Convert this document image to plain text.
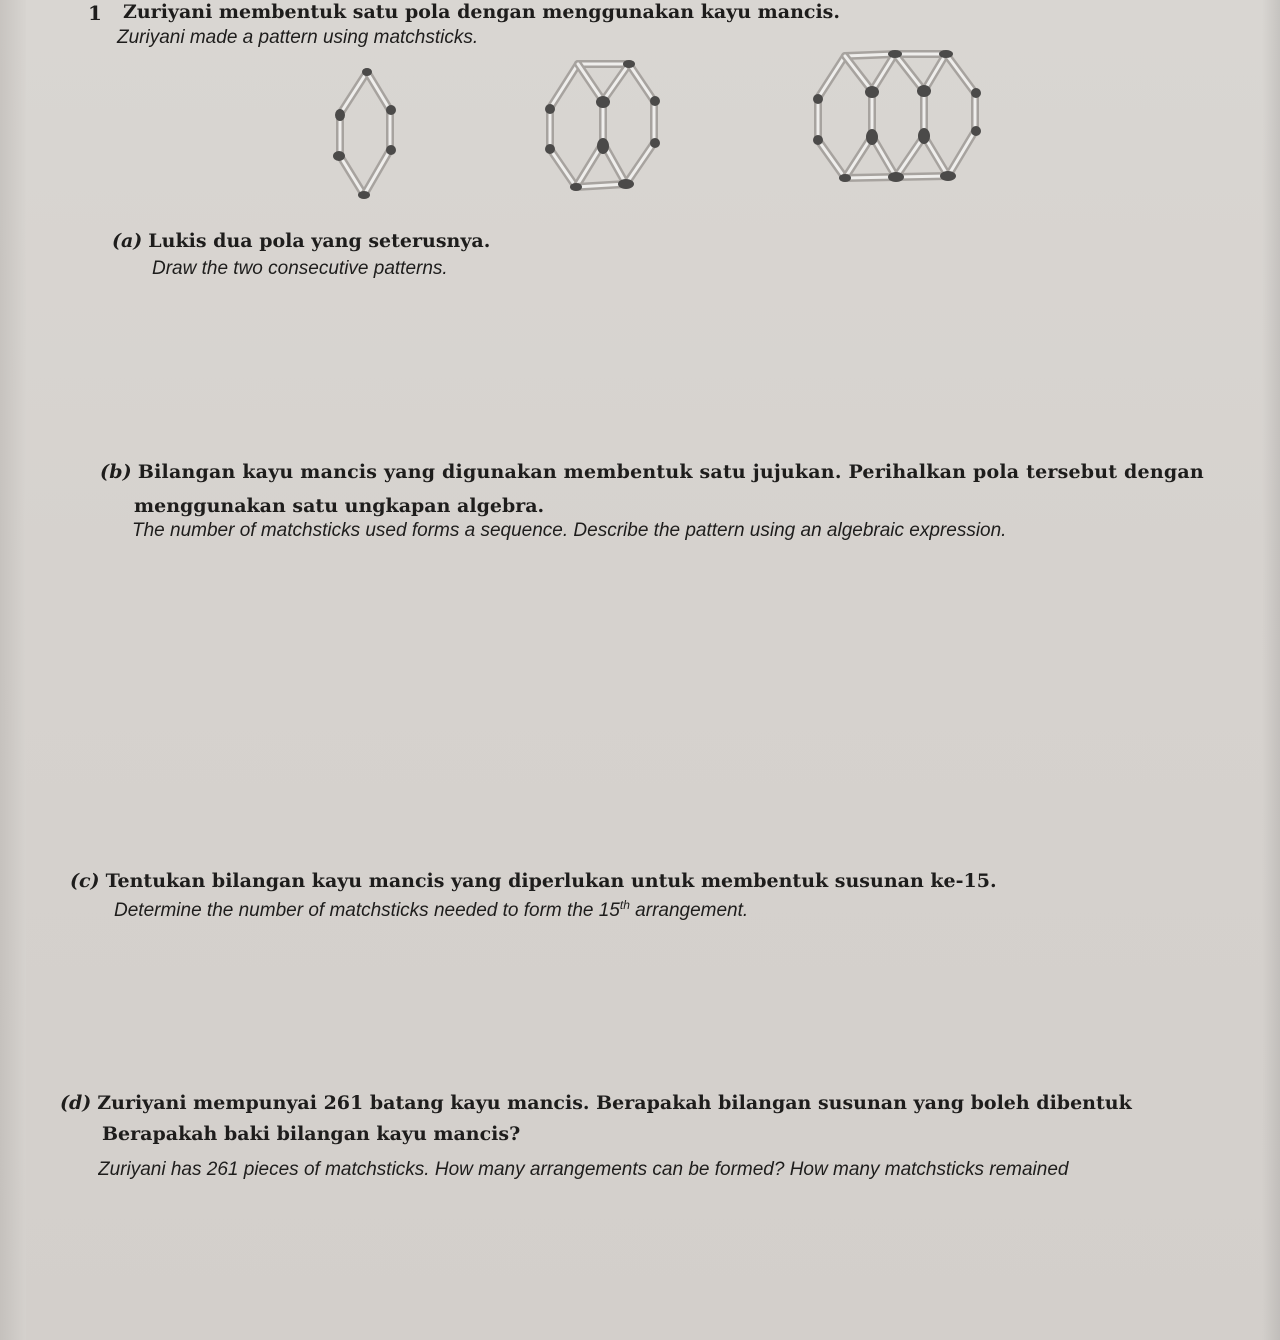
1 Zuriyani membentuk satu pola dengan menggunakan kayu mancis.
Zuriyani made a pattern using matchsticks.
(a) Lukis dua pola yang seterusnya.
Draw the two consecutive patterns.
(b) Bilangan kayu mancis yang digunakan membentuk satu jujukan. Perihalkan pola tersebut dengan
menggunakan satu ungkapan algebra.
The number of matchsticks used forms a sequence. Describe the pattern using an algebraic expression.
(c) Tentukan bilangan kayu mancis yang diperlukan untuk membentuk susunan ke-15.
Determine the number of matchsticks needed to form the 15th arrangement.
(d) Zuriyani mempunyai 261 batang kayu mancis. Berapakah bilangan susunan yang boleh dibentuk
Berapakah baki bilangan kayu mancis?
Zuriyani has 261 pieces of matchsticks. How many arrangements can be formed? How many matchsticks remained
